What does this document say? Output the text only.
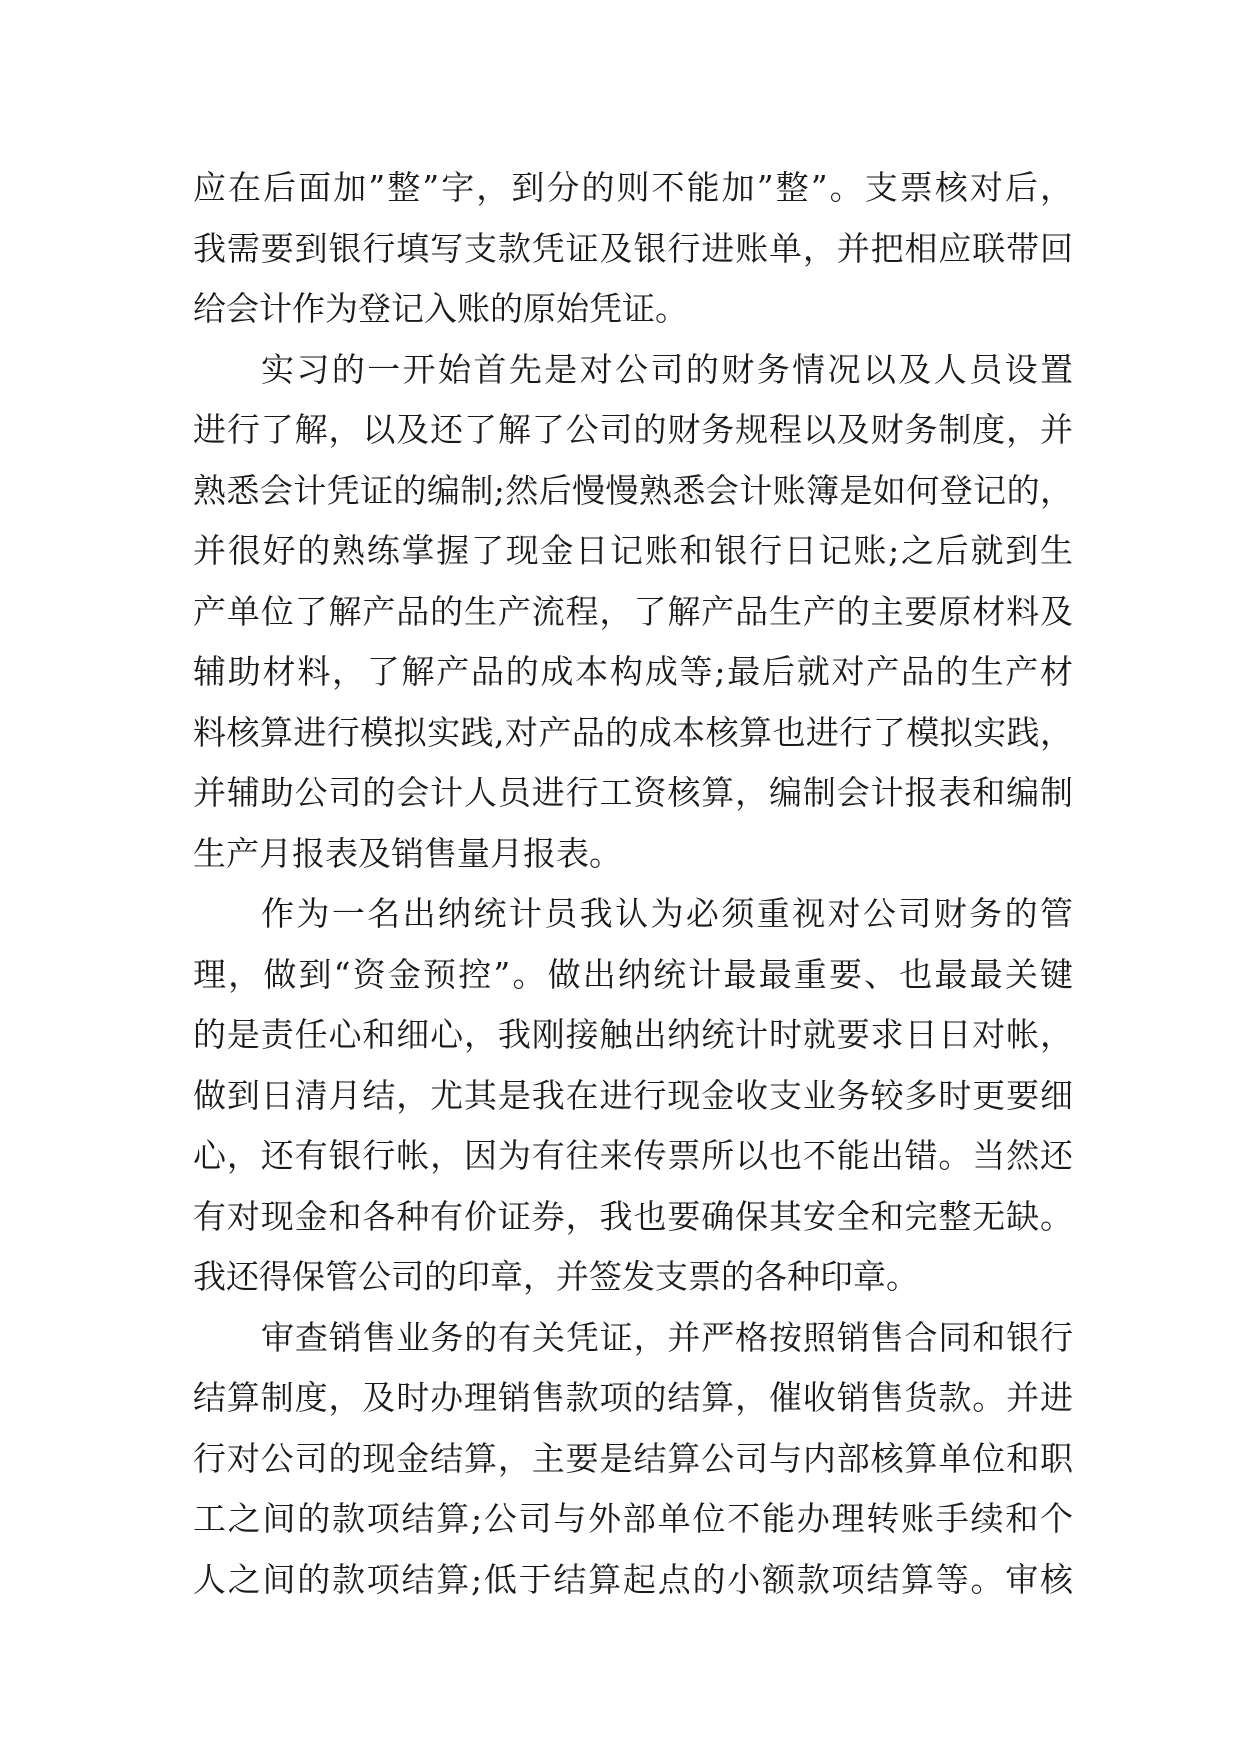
应在后面加”整”字，到分的则不能加”整”。支票核对后，
我需要到银行填写支款凭证及银行进账单，并把相应联带回
给会计作为登记入账的原始凭证。
实习的一开始首先是对公司的财务情况以及人员设置
进行了解，以及还了解了公司的财务规程以及财务制度，并
熟悉会计凭证的编制;然后慢慢熟悉会计账簿是如何登记的，
并很好的熟练掌握了现金日记账和银行日记账;之后就到生
产单位了解产品的生产流程，了解产品生产的主要原材料及
辅助材料，了解产品的成本构成等;最后就对产品的生产材
料核算进行模拟实践,对产品的成本核算也进行了模拟实践，
并辅助公司的会计人员进行工资核算，编制会计报表和编制
生产月报表及销售量月报表。
作为一名出纳统计员我认为必须重视对公司财务的管
理，做到“资金预控”。做出纳统计最最重要、也最最关键
的是责任心和细心，我刚接触出纳统计时就要求日日对帐，
做到日清月结，尤其是我在进行现金收支业务较多时更要细
心，还有银行帐，因为有往来传票所以也不能出错。当然还
有对现金和各种有价证券，我也要确保其安全和完整无缺。
我还得保管公司的印章，并签发支票的各种印章。
审查销售业务的有关凭证，并严格按照销售合同和银行
结算制度，及时办理销售款项的结算，催收销售货款。并进
行对公司的现金结算，主要是结算公司与内部核算单位和职
工之间的款项结算;公司与外部单位不能办理转账手续和个
人之间的款项结算;低于结算起点的小额款项结算等。审核
